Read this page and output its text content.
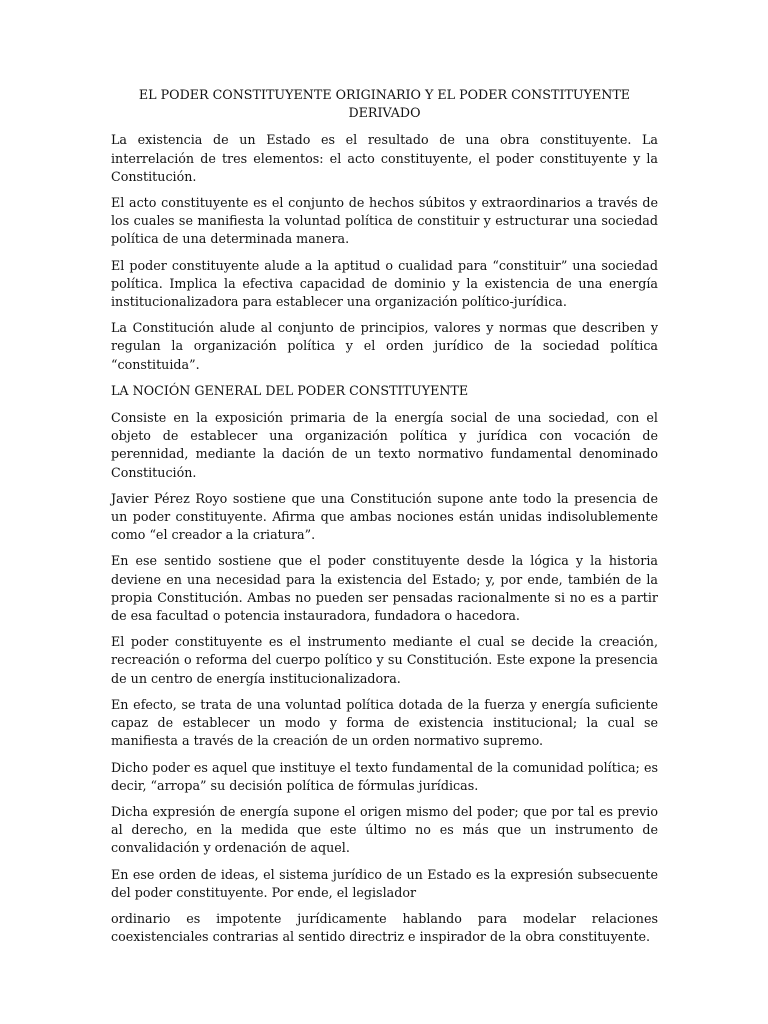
EL PODER CONSTITUYENTE ORIGINARIO Y EL PODER CONSTITUYENTE DERIVADO

La existencia de un Estado es el resultado de una obra constituyente. La interrelación de tres elementos: el acto constituyente, el poder constituyente y la Constitución.

El acto constituyente es el conjunto de hechos súbitos y extraordinarios a través de los cuales se manifiesta la voluntad política de constituir y estructurar una sociedad política de una determinada manera.

El poder constituyente alude a la aptitud o cualidad para “constituir” una sociedad política. Implica la efectiva capacidad de dominio y la existencia de una energía institucionalizadora para establecer una organización político-jurídica.

La Constitución alude al conjunto de principios, valores y normas que describen y regulan la organización política y el orden jurídico de la sociedad política “constituida”.

LA NOCIÓN GENERAL DEL PODER CONSTITUYENTE

Consiste en la exposición primaria de la energía social de una sociedad, con el objeto de establecer una organización política y jurídica con vocación de perennidad, mediante la dación de un texto normativo fundamental denominado Constitución.

Javier Pérez Royo sostiene que una Constitución supone ante todo la presencia de un poder constituyente. Afirma que ambas nociones están unidas indisolublemente como “el creador a la criatura”.

En ese sentido sostiene que el poder constituyente desde la lógica y la historia deviene en una necesidad para la existencia del Estado; y, por ende, también de la propia Constitución. Ambas no pueden ser pensadas racionalmente si no es a partir de esa facultad o potencia instauradora, fundadora o hacedora.

El poder constituyente es el instrumento mediante el cual se decide la creación, recreación o reforma del cuerpo político y su Constitución. Este expone la presencia de un centro de energía institucionalizadora.

En efecto, se trata de una voluntad política dotada de la fuerza y energía suficiente capaz de establecer un modo y forma de existencia institucional; la cual se manifiesta a través de la creación de un orden normativo supremo.

Dicho poder es aquel que instituye el texto fundamental de la comunidad política; es decir, “arropa” su decisión política de fórmulas jurídicas.

Dicha expresión de energía supone el origen mismo del poder; que por tal es previo al derecho, en la medida que este último no es más que un instrumento de convalidación y ordenación de aquel.

En ese orden de ideas, el sistema jurídico de un Estado es la expresión subsecuente del poder constituyente. Por ende, el legislador

ordinario es impotente jurídicamente hablando para modelar relaciones coexistenciales contrarias al sentido directriz e inspirador de la obra constituyente.
